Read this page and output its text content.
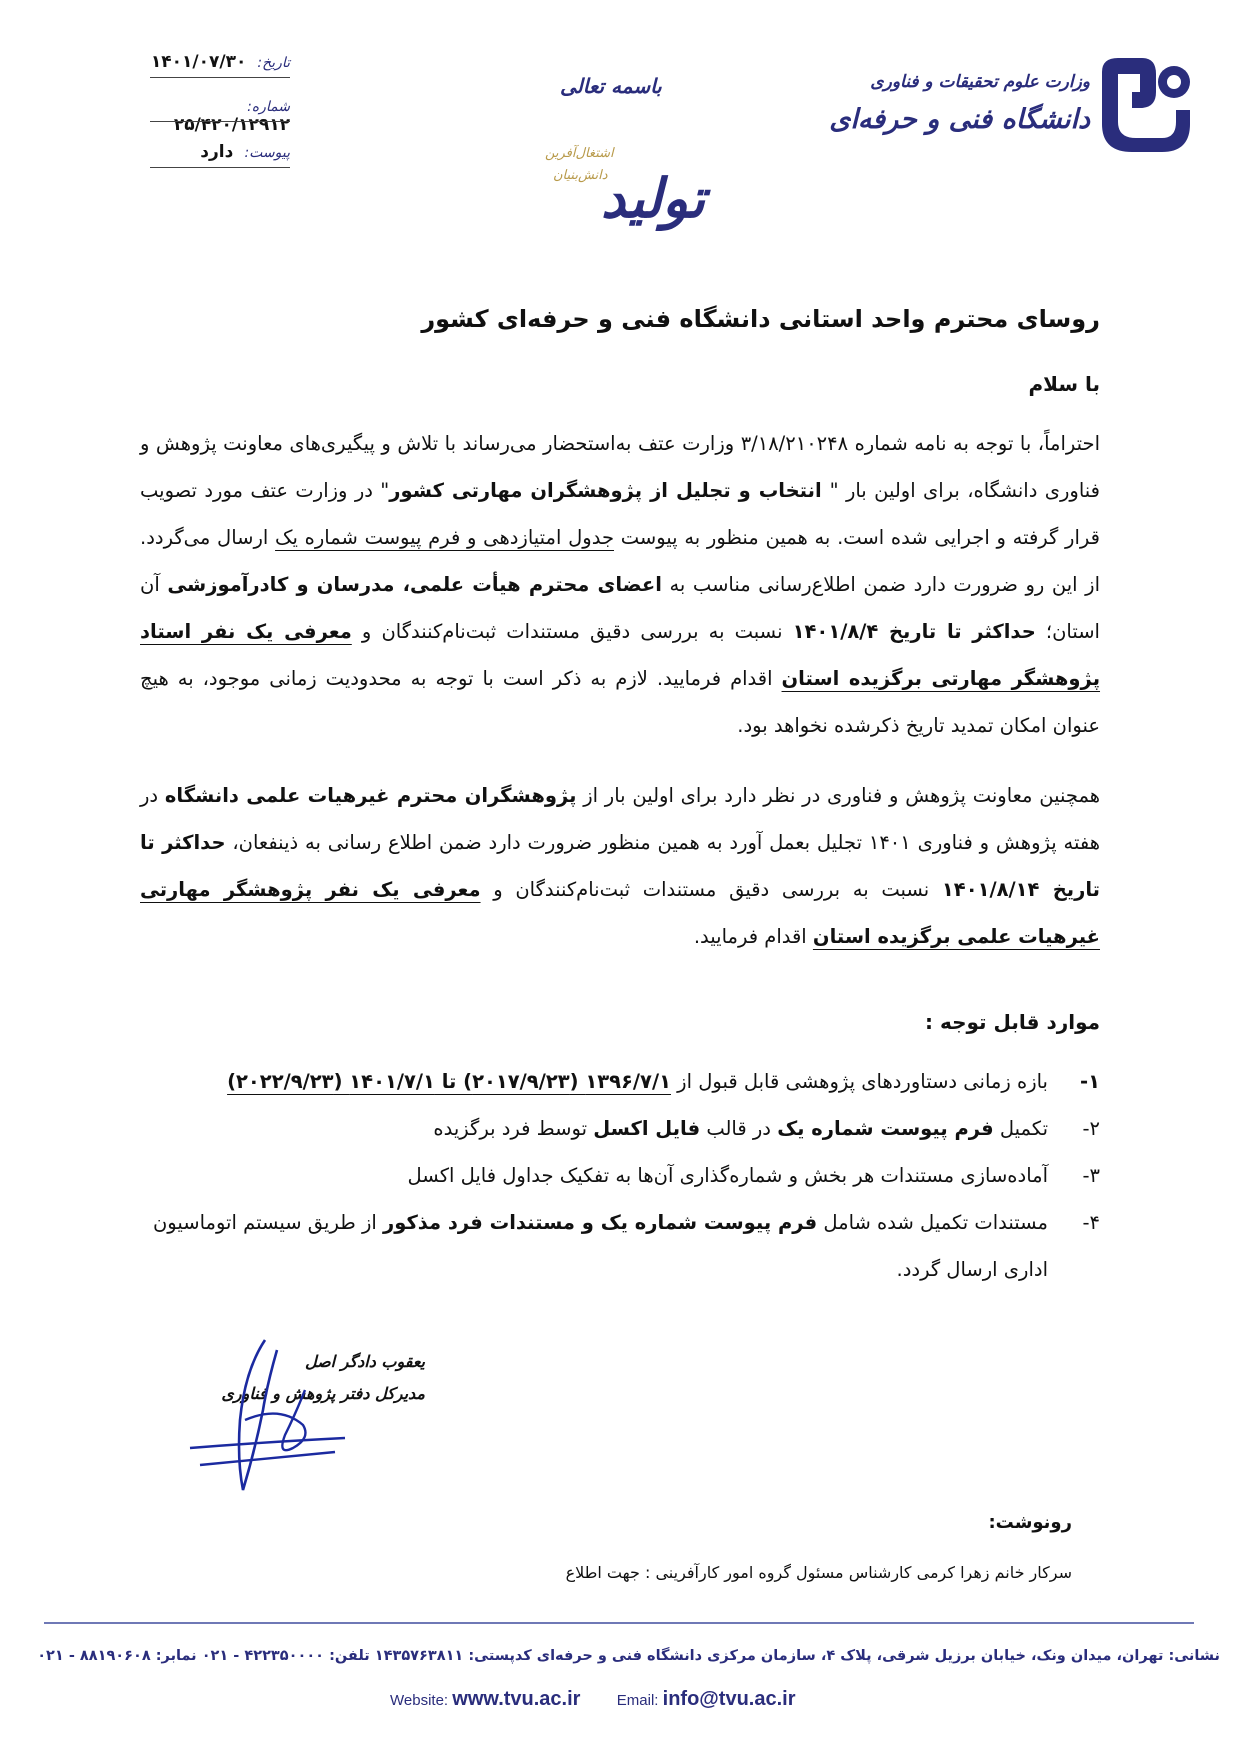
تاریخ: ۱۴۰۱/۰۷/۳۰
شماره: ۲۵/۴۲۰/۱۲۹۱۲
پیوست: دارد
باسمه تعالی
تولید
دانش‌بنیان
اشتغال‌آفرین
وزارت علوم تحقیقات و فناوری
دانشگاه فنی و حرفه‌ای
روسای محترم واحد استانی دانشگاه فنی و حرفه‌ای کشور
با سلام
احتراماً، با توجه به نامه شماره ۳/۱۸/۲۱۰۲۴۸ وزارت عتف به‌استحضار می‌رساند با تلاش و پیگیری‌های معاونت پژوهش و فناوری دانشگاه، برای اولین بار " انتخاب و تجلیل از پژوهشگران مهارتی کشور" در وزارت عتف مورد تصویب قرار گرفته و اجرایی شده است. به همین منظور به پیوست جدول امتیازدهی و فرم پیوست شماره یک ارسال می‌گردد. از این رو ضرورت دارد ضمن اطلاع‌رسانی مناسب به اعضای محترم هیأت علمی، مدرسان و کادرآموزشی آن استان؛ حداکثر تا تاریخ ۱۴۰۱/۸/۴ نسبت به بررسی دقیق مستندات ثبت‌نام‌کنندگان و معرفی یک نفر استاد پژوهشگر مهارتی برگزیده استان اقدام فرمایید. لازم به ذکر است با توجه به محدودیت زمانی موجود، به هیچ عنوان امکان تمدید تاریخ ذکرشده نخواهد بود.
همچنین معاونت پژوهش و فناوری در نظر دارد برای اولین بار از پژوهشگران محترم غیرهیات علمی دانشگاه در هفته پژوهش و فناوری ۱۴۰۱ تجلیل بعمل آورد به همین منظور ضرورت دارد ضمن اطلاع رسانی به ذینفعان، حداکثر تا تاریخ ۱۴۰۱/۸/۱۴ نسبت به بررسی دقیق مستندات ثبت‌نام‌کنندگان و معرفی یک نفر پژوهشگر مهارتی غیرهیات علمی برگزیده استان اقدام فرمایید.
موارد قابل توجه :
۱-
بازه زمانی دستاوردهای پژوهشی قابل قبول از ۱۳۹۶/۷/۱ (۲۰۱۷/۹/۲۳) تا ۱۴۰۱/۷/۱ (۲۰۲۲/۹/۲۳)
۲-
تکمیل فرم پیوست شماره یک در قالب فایل اکسل توسط فرد برگزیده
۳-
آماده‌سازی مستندات هر بخش و شماره‌گذاری آن‌ها به تفکیک جداول فایل اکسل
۴-
مستندات تکمیل شده شامل فرم پیوست شماره یک و مستندات فرد مذکور از طریق سیستم اتوماسیون اداری ارسال گردد.
یعقوب دادگر اصل
مدیرکل دفتر پژوهش و فناوری
رونوشت:
سرکار خانم زهرا کرمی کارشناس مسئول گروه امور کارآفرینی : جهت اطلاع
نشانی: تهران، میدان ونک، خیابان برزیل شرقی، پلاک ۴، سازمان مرکزی دانشگاه فنی و حرفه‌ای کدپستی: ۱۴۳۵۷۶۳۸۱۱ تلفن: ۴۲۲۳۵۰۰۰۰ - ۰۲۱ نمابر: ۸۸۱۹۰۶۰۸ - ۰۲۱
Website: www.tvu.ac.ir Email: info@tvu.ac.ir
